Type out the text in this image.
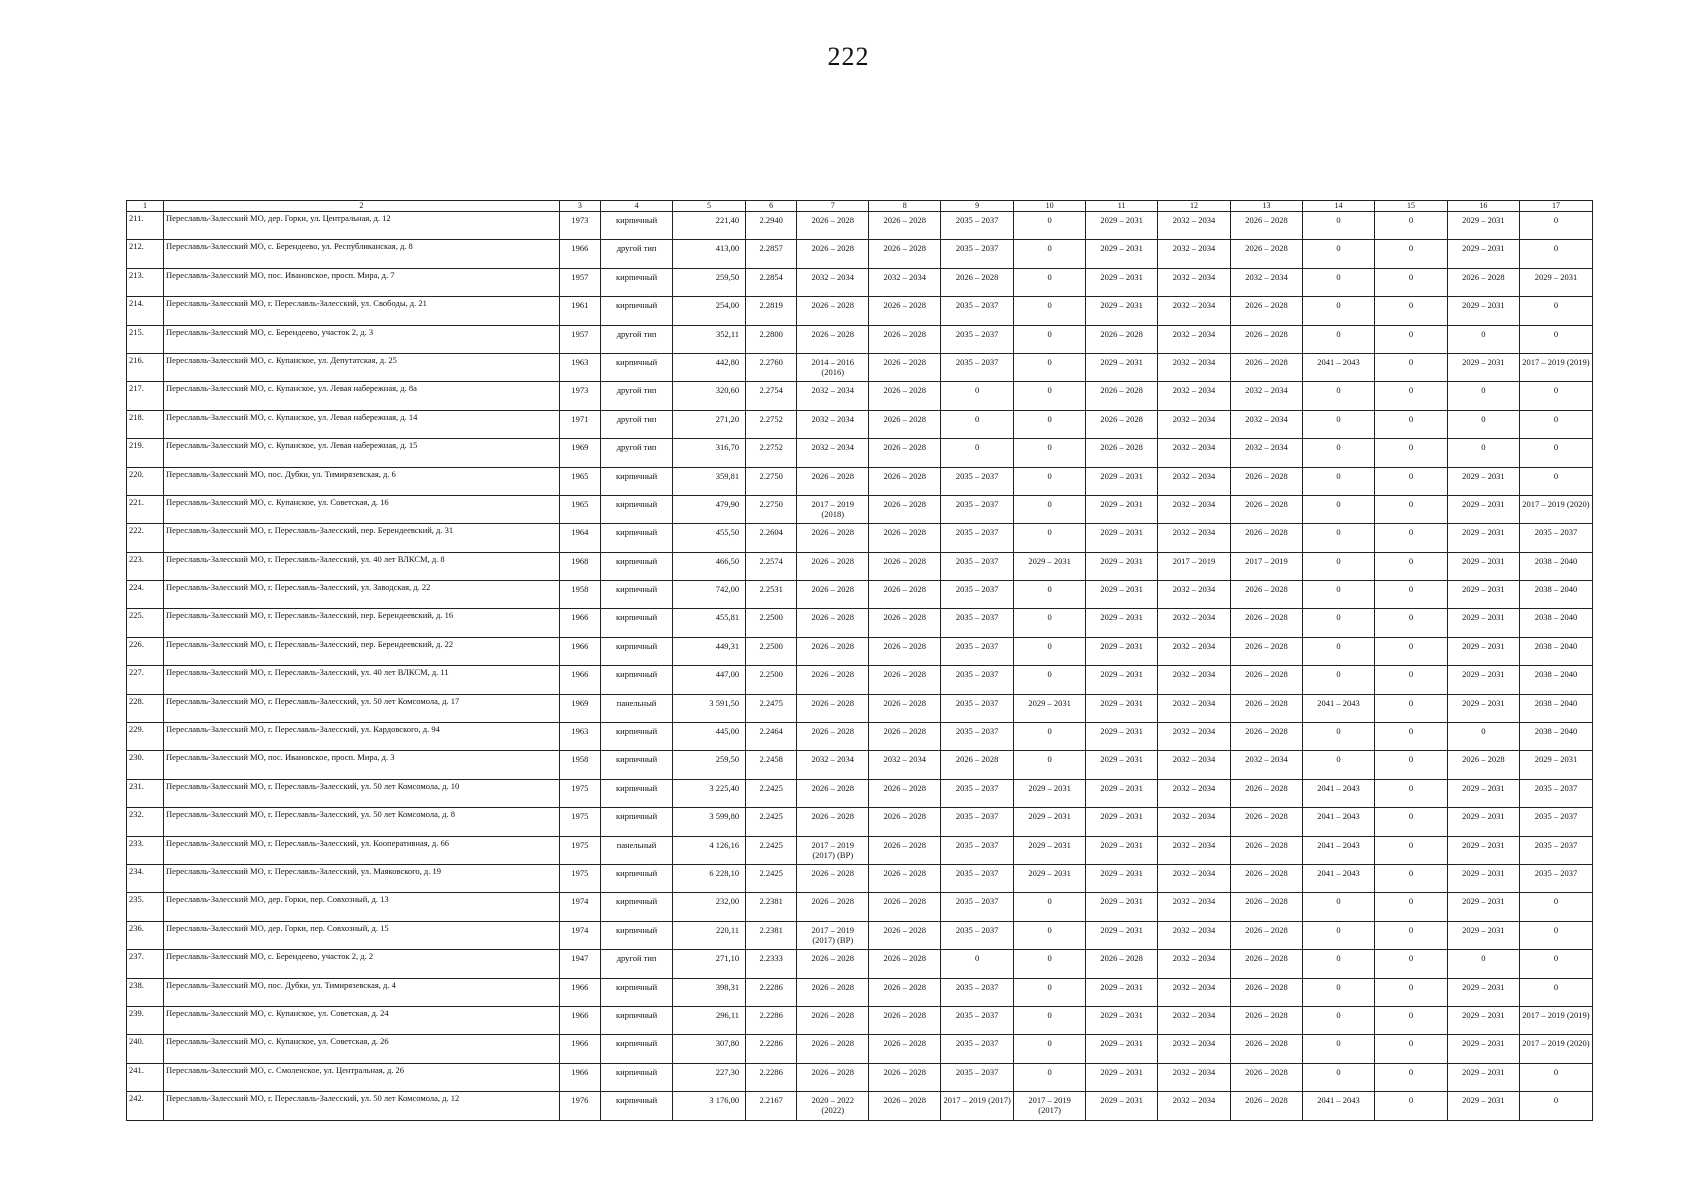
222
1	2	3	4	5	6	7	8	9	10	11	12	13	14	15	16	17
211.	Переславль-Залесский МО, дер. Горки, ул. Центральная, д. 12	1973	кирпичный	221,40	2.2940	2026 – 2028	2026 – 2028	2035 – 2037	0	2029 – 2031	2032 – 2034	2026 – 2028	0	0	2029 – 2031	0
212.	Переславль-Залесский МО, с. Берендеево, ул. Республиканская, д. 8	1966	другой тип	413,00	2.2857	2026 – 2028	2026 – 2028	2035 – 2037	0	2029 – 2031	2032 – 2034	2026 – 2028	0	0	2029 – 2031	0
213.	Переславль-Залесский МО, пос. Ивановское, просп. Мира, д. 7	1957	кирпичный	259,50	2.2854	2032 – 2034	2032 – 2034	2026 – 2028	0	2029 – 2031	2032 – 2034	2032 – 2034	0	0	2026 – 2028	2029 – 2031
214.	Переславль-Залесский МО, г. Переславль-Залесский, ул. Свободы, д. 21	1961	кирпичный	254,00	2.2819	2026 – 2028	2026 – 2028	2035 – 2037	0	2029 – 2031	2032 – 2034	2026 – 2028	0	0	2029 – 2031	0
215.	Переславль-Залесский МО, с. Берендеево, участок 2, д. 3	1957	другой тип	352,11	2.2800	2026 – 2028	2026 – 2028	2035 – 2037	0	2026 – 2028	2032 – 2034	2026 – 2028	0	0	0	0
216.	Переславль-Залесский МО, с. Купанское, ул. Депутатская, д. 25	1963	кирпичный	442,80	2.2760	2014 – 2016 (2016)	2026 – 2028	2035 – 2037	0	2029 – 2031	2032 – 2034	2026 – 2028	2041 – 2043	0	2029 – 2031	2017 – 2019 (2019)
217.	Переславль-Залесский МО, с. Купанское, ул. Левая набережная, д. 8а	1973	другой тип	320,60	2.2754	2032 – 2034	2026 – 2028	0	0	2026 – 2028	2032 – 2034	2032 – 2034	0	0	0	0
218.	Переславль-Залесский МО, с. Купанское, ул. Левая набережная, д. 14	1971	другой тип	271,20	2.2752	2032 – 2034	2026 – 2028	0	0	2026 – 2028	2032 – 2034	2032 – 2034	0	0	0	0
219.	Переславль-Залесский МО, с. Купанское, ул. Левая набережная, д. 15	1969	другой тип	316,70	2.2752	2032 – 2034	2026 – 2028	0	0	2026 – 2028	2032 – 2034	2032 – 2034	0	0	0	0
220.	Переславль-Залесский МО, пос. Дубки, ул. Тимирязевская, д. 6	1965	кирпичный	359,81	2.2750	2026 – 2028	2026 – 2028	2035 – 2037	0	2029 – 2031	2032 – 2034	2026 – 2028	0	0	2029 – 2031	0
221.	Переславль-Залесский МО, с. Купанское, ул. Советская, д. 16	1965	кирпичный	479,90	2.2750	2017 – 2019 (2018)	2026 – 2028	2035 – 2037	0	2029 – 2031	2032 – 2034	2026 – 2028	0	0	2029 – 2031	2017 – 2019 (2020)
222.	Переславль-Залесский МО, г. Переславль-Залесский, пер. Берендеевский, д. 31	1964	кирпичный	455,50	2.2604	2026 – 2028	2026 – 2028	2035 – 2037	0	2029 – 2031	2032 – 2034	2026 – 2028	0	0	2029 – 2031	2035 – 2037
223.	Переславль-Залесский МО, г. Переславль-Залесский, ул. 40 лет ВЛКСМ, д. 8	1968	кирпичный	466,50	2.2574	2026 – 2028	2026 – 2028	2035 – 2037	2029 – 2031	2029 – 2031	2017 – 2019	2017 – 2019	0	0	2029 – 2031	2038 – 2040
224.	Переславль-Залесский МО, г. Переславль-Залесский, ул. Заводская, д. 22	1958	кирпичный	742,00	2.2531	2026 – 2028	2026 – 2028	2035 – 2037	0	2029 – 2031	2032 – 2034	2026 – 2028	0	0	2029 – 2031	2038 – 2040
225.	Переславль-Залесский МО, г. Переславль-Залесский, пер. Берендеевский, д. 16	1966	кирпичный	455,81	2.2500	2026 – 2028	2026 – 2028	2035 – 2037	0	2029 – 2031	2032 – 2034	2026 – 2028	0	0	2029 – 2031	2038 – 2040
226.	Переславль-Залесский МО, г. Переславль-Залесский, пер. Берендеевский, д. 22	1966	кирпичный	449,31	2.2500	2026 – 2028	2026 – 2028	2035 – 2037	0	2029 – 2031	2032 – 2034	2026 – 2028	0	0	2029 – 2031	2038 – 2040
227.	Переславль-Залесский МО, г. Переславль-Залесский, ул. 40 лет ВЛКСМ, д. 11	1966	кирпичный	447,00	2.2500	2026 – 2028	2026 – 2028	2035 – 2037	0	2029 – 2031	2032 – 2034	2026 – 2028	0	0	2029 – 2031	2038 – 2040
228.	Переславль-Залесский МО, г. Переславль-Залесский, ул. 50 лет Комсомола, д. 17	1969	панельный	3 591,50	2.2475	2026 – 2028	2026 – 2028	2035 – 2037	2029 – 2031	2029 – 2031	2032 – 2034	2026 – 2028	2041 – 2043	0	2029 – 2031	2038 – 2040
229.	Переславль-Залесский МО, г. Переславль-Залесский, ул. Кардовского, д. 94	1963	кирпичный	445,00	2.2464	2026 – 2028	2026 – 2028	2035 – 2037	0	2029 – 2031	2032 – 2034	2026 – 2028	0	0	0	2038 – 2040
230.	Переславль-Залесский МО, пос. Ивановское, просп. Мира, д. 3	1958	кирпичный	259,50	2.2458	2032 – 2034	2032 – 2034	2026 – 2028	0	2029 – 2031	2032 – 2034	2032 – 2034	0	0	2026 – 2028	2029 – 2031
231.	Переславль-Залесский МО, г. Переславль-Залесский, ул. 50 лет Комсомола, д. 10	1975	кирпичный	3 225,40	2.2425	2026 – 2028	2026 – 2028	2035 – 2037	2029 – 2031	2029 – 2031	2032 – 2034	2026 – 2028	2041 – 2043	0	2029 – 2031	2035 – 2037
232.	Переславль-Залесский МО, г. Переславль-Залесский, ул. 50 лет Комсомола, д. 8	1975	кирпичный	3 599,80	2.2425	2026 – 2028	2026 – 2028	2035 – 2037	2029 – 2031	2029 – 2031	2032 – 2034	2026 – 2028	2041 – 2043	0	2029 – 2031	2035 – 2037
233.	Переславль-Залесский МО, г. Переславль-Залесский, ул. Кооперативная, д. 66	1975	панельный	4 126,16	2.2425	2017 – 2019 (2017) (ВР)	2026 – 2028	2035 – 2037	2029 – 2031	2029 – 2031	2032 – 2034	2026 – 2028	2041 – 2043	0	2029 – 2031	2035 – 2037
234.	Переславль-Залесский МО, г. Переславль-Залесский, ул. Маяковского, д. 19	1975	кирпичный	6 228,10	2.2425	2026 – 2028	2026 – 2028	2035 – 2037	2029 – 2031	2029 – 2031	2032 – 2034	2026 – 2028	2041 – 2043	0	2029 – 2031	2035 – 2037
235.	Переславль-Залесский МО, дер. Горки, пер. Совхозный, д. 13	1974	кирпичный	232,00	2.2381	2026 – 2028	2026 – 2028	2035 – 2037	0	2029 – 2031	2032 – 2034	2026 – 2028	0	0	2029 – 2031	0
236.	Переславль-Залесский МО, дер. Горки, пер. Совхозный, д. 15	1974	кирпичный	220,11	2.2381	2017 – 2019 (2017) (ВР)	2026 – 2028	2035 – 2037	0	2029 – 2031	2032 – 2034	2026 – 2028	0	0	2029 – 2031	0
237.	Переславль-Залесский МО, с. Берендеево, участок 2, д. 2	1947	другой тип	271,10	2.2333	2026 – 2028	2026 – 2028	0	0	2026 – 2028	2032 – 2034	2026 – 2028	0	0	0	0
238.	Переславль-Залесский МО, пос. Дубки, ул. Тимирязевская, д. 4	1966	кирпичный	398,31	2.2286	2026 – 2028	2026 – 2028	2035 – 2037	0	2029 – 2031	2032 – 2034	2026 – 2028	0	0	2029 – 2031	0
239.	Переславль-Залесский МО, с. Купанское, ул. Советская, д. 24	1966	кирпичный	296,11	2.2286	2026 – 2028	2026 – 2028	2035 – 2037	0	2029 – 2031	2032 – 2034	2026 – 2028	0	0	2029 – 2031	2017 – 2019 (2019)
240.	Переславль-Залесский МО, с. Купанское, ул. Советская, д. 26	1966	кирпичный	307,80	2.2286	2026 – 2028	2026 – 2028	2035 – 2037	0	2029 – 2031	2032 – 2034	2026 – 2028	0	0	2029 – 2031	2017 – 2019 (2020)
241.	Переславль-Залесский МО, с. Смоленское, ул. Центральная, д. 26	1966	кирпичный	227,30	2.2286	2026 – 2028	2026 – 2028	2035 – 2037	0	2029 – 2031	2032 – 2034	2026 – 2028	0	0	2029 – 2031	0
242.	Переславль-Залесский МО, г. Переславль-Залесский, ул. 50 лет Комсомола, д. 12	1976	кирпичный	3 176,00	2.2167	2020 – 2022 (2022)	2026 – 2028	2017 – 2019 (2017)	2017 – 2019 (2017)	2029 – 2031	2032 – 2034	2026 – 2028	2041 – 2043	0	2029 – 2031	0
